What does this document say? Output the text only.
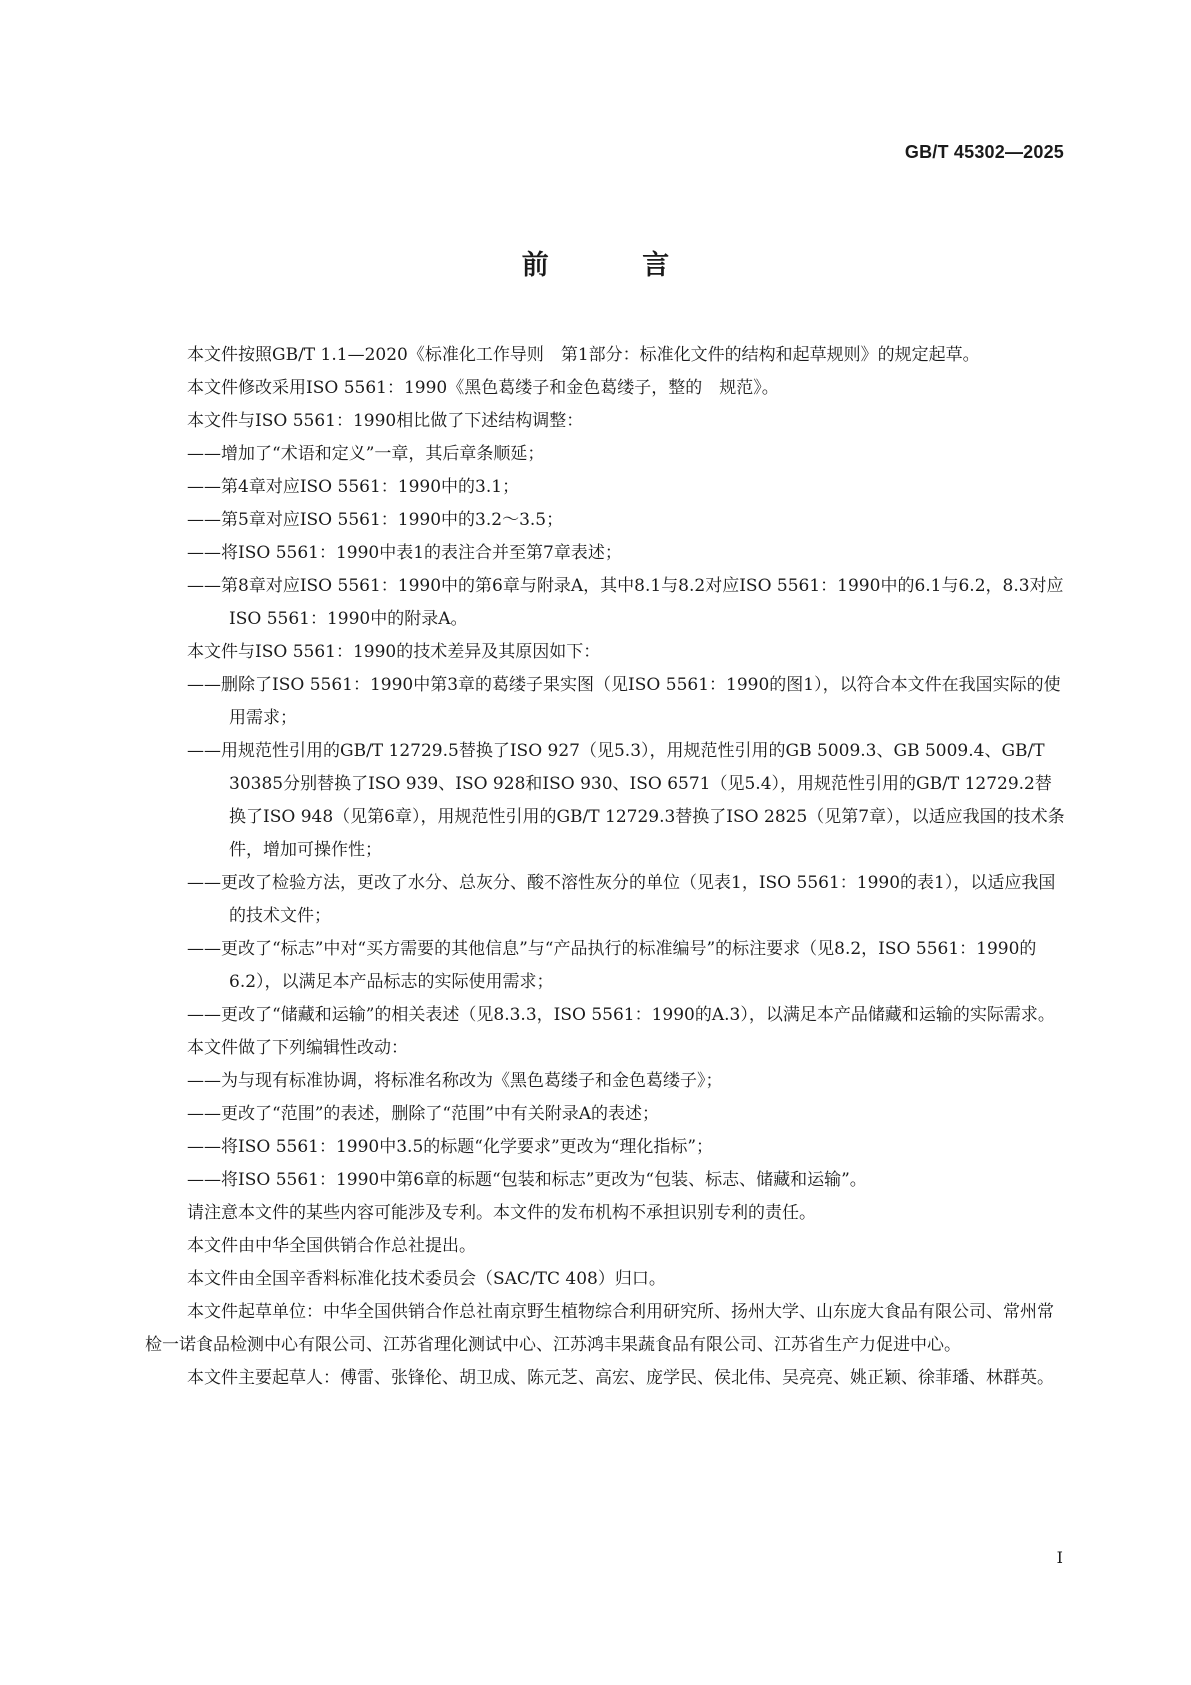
GB/T 45302—2025
前 言

本文件按照GB/T 1.1—2020《标准化工作导则　第1部分：标准化文件的结构和起草规则》的规定起草。

本文件修改采用ISO 5561：1990《黑色葛缕子和金色葛缕子，整的　规范》。

本文件与ISO 5561：1990相比做了下述结构调整：

——增加了“术语和定义”一章，其后章条顺延；

——第4章对应ISO 5561：1990中的3.1；

——第5章对应ISO 5561：1990中的3.2～3.5；

——将ISO 5561：1990中表1的表注合并至第7章表述；

——第8章对应ISO 5561：1990中的第6章与附录A，其中8.1与8.2对应ISO 5561：1990中的6.1与6.2，8.3对应ISO 5561：1990中的附录A。

本文件与ISO 5561：1990的技术差异及其原因如下：

——删除了ISO 5561：1990中第3章的葛缕子果实图（见ISO 5561：1990的图1），以符合本文件在我国实际的使用需求；

——用规范性引用的GB/T 12729.5替换了ISO 927（见5.3），用规范性引用的GB 5009.3、GB 5009.4、GB/T 30385分别替换了ISO 939、ISO 928和ISO 930、ISO 6571（见5.4），用规范性引用的GB/T 12729.2替换了ISO 948（见第6章），用规范性引用的GB/T 12729.3替换了ISO 2825（见第7章），以适应我国的技术条件，增加可操作性；

——更改了检验方法，更改了水分、总灰分、酸不溶性灰分的单位（见表1，ISO 5561：1990的表1），以适应我国的技术文件；

——更改了“标志”中对“买方需要的其他信息”与“产品执行的标准编号”的标注要求（见8.2，ISO 5561：1990的6.2），以满足本产品标志的实际使用需求；

——更改了“储藏和运输”的相关表述（见8.3.3，ISO 5561：1990的A.3），以满足本产品储藏和运输的实际需求。

本文件做了下列编辑性改动：

——为与现有标准协调，将标准名称改为《黑色葛缕子和金色葛缕子》；

——更改了“范围”的表述，删除了“范围”中有关附录A的表述；

——将ISO 5561：1990中3.5的标题“化学要求”更改为“理化指标”；

——将ISO 5561：1990中第6章的标题“包装和标志”更改为“包装、标志、储藏和运输”。

请注意本文件的某些内容可能涉及专利。本文件的发布机构不承担识别专利的责任。

本文件由中华全国供销合作总社提出。

本文件由全国辛香料标准化技术委员会（SAC/TC 408）归口。

本文件起草单位：中华全国供销合作总社南京野生植物综合利用研究所、扬州大学、山东庞大食品有限公司、常州常检一诺食品检测中心有限公司、江苏省理化测试中心、江苏鸿丰果蔬食品有限公司、江苏省生产力促进中心。

本文件主要起草人：傅雷、张锋伦、胡卫成、陈元芝、高宏、庞学民、侯北伟、吴亮亮、姚正颖、徐菲璠、林群英。

I
